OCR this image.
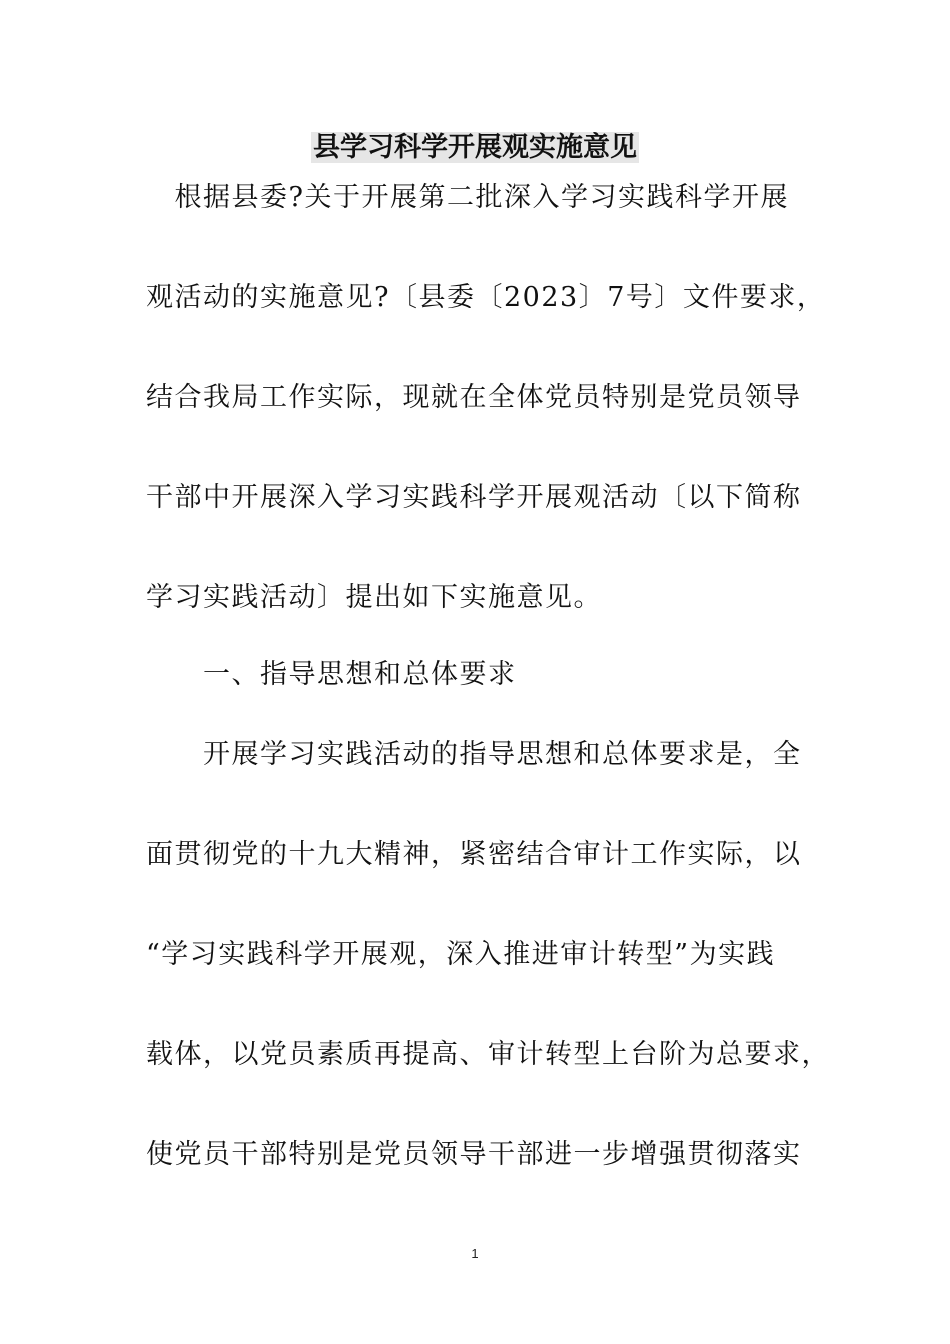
县学习科学开展观实施意见
　根据县委?关于开展第二批深入学习实践科学开展
观活动的实施意见?〔县委〔2023〕7号〕文件要求，
结合我局工作实际，现就在全体党员特别是党员领导
干部中开展深入学习实践科学开展观活动〔以下简称
学习实践活动〕提出如下实施意见。
　　一、指导思想和总体要求
　　开展学习实践活动的指导思想和总体要求是，全
面贯彻党的十九大精神，紧密结合审计工作实际，以
“学习实践科学开展观，深入推进审计转型”为实践
载体，以党员素质再提高、审计转型上台阶为总要求，
使党员干部特别是党员领导干部进一步增强贯彻落实
1
